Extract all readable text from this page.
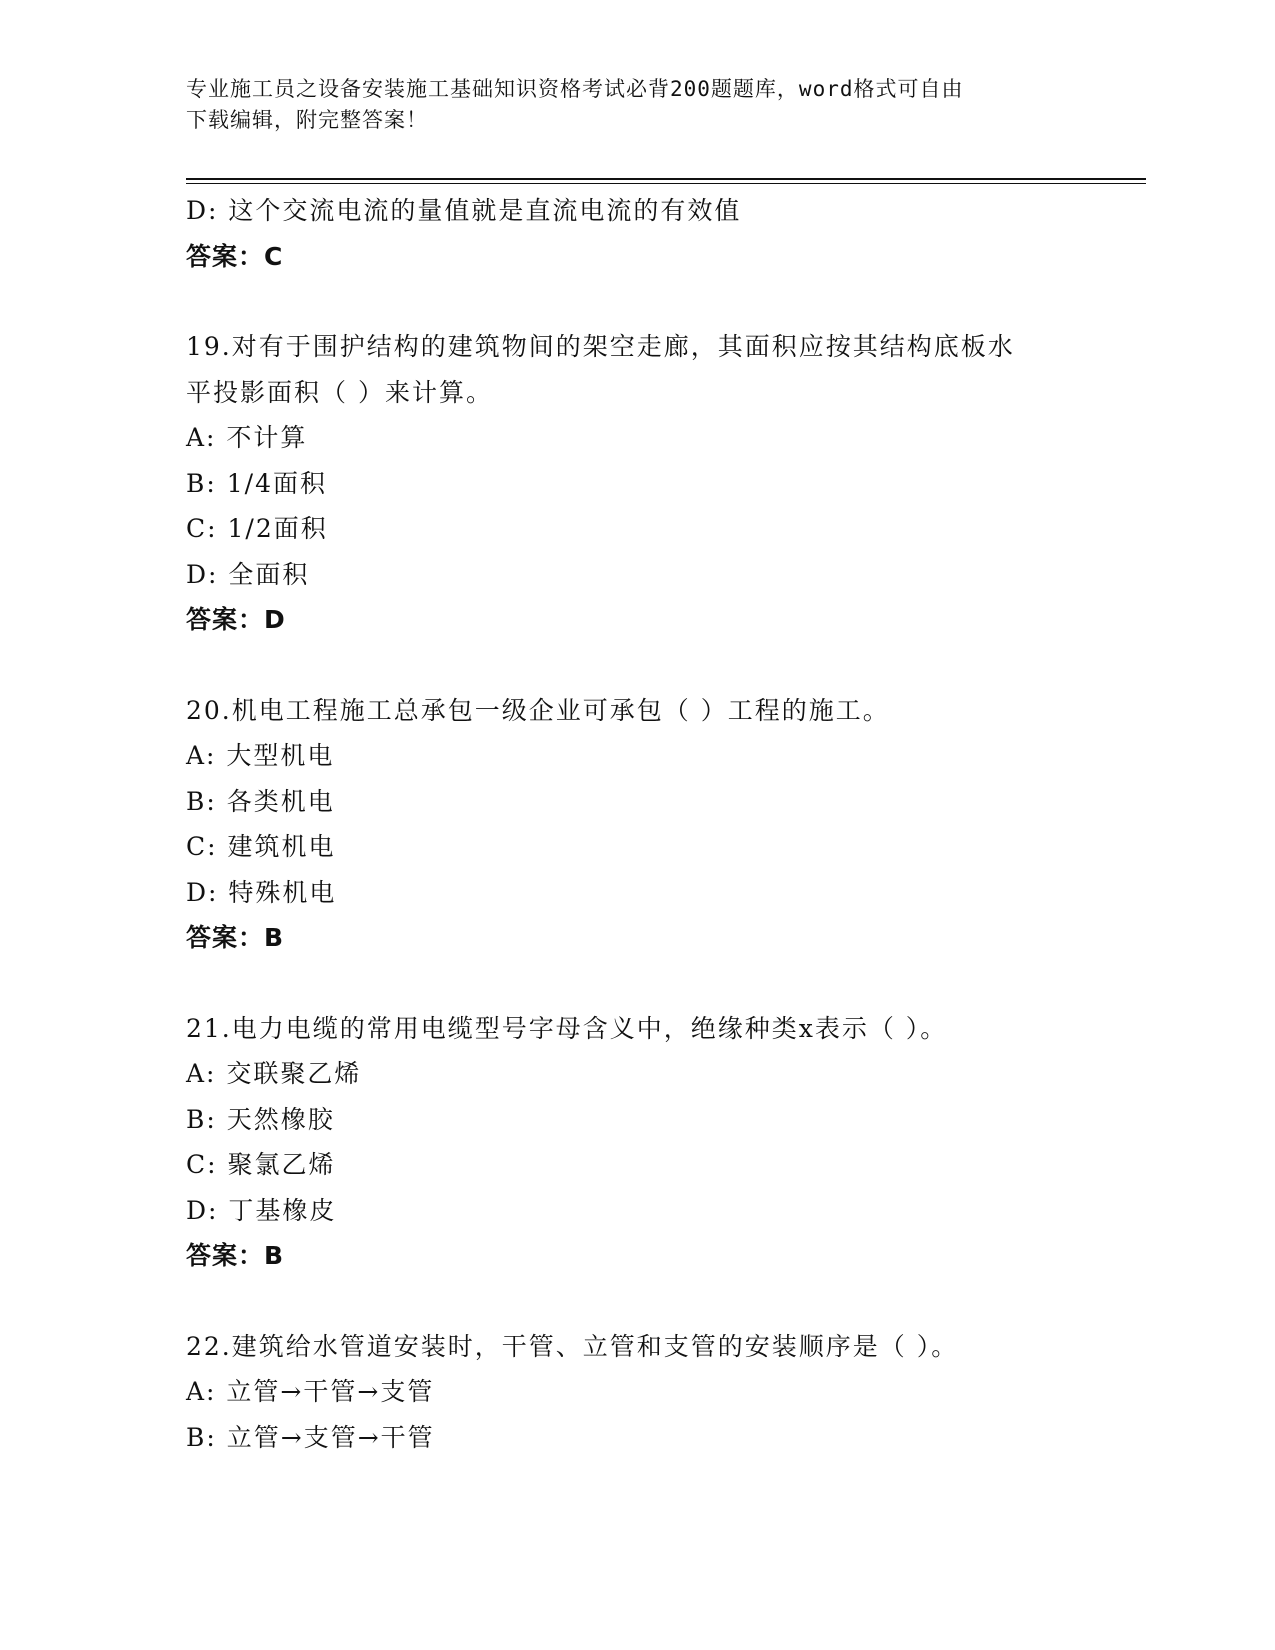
专业施工员之设备安装施工基础知识资格考试必背200题题库，word格式可自由
下载编辑，附完整答案！
D: 这个交流电流的量值就是直流电流的有效值
答案：C
19.对有于围护结构的建筑物间的架空走廊，其面积应按其结构底板水
平投影面积（ ）来计算。
A: 不计算
B: 1/4面积
C: 1/2面积
D: 全面积
答案：D
20.机电工程施工总承包一级企业可承包（ ）工程的施工。
A: 大型机电
B: 各类机电
C: 建筑机电
D: 特殊机电
答案：B
21.电力电缆的常用电缆型号字母含义中，绝缘种类x表示（ ）。
A: 交联聚乙烯
B: 天然橡胶
C: 聚氯乙烯
D: 丁基橡皮
答案：B
22.建筑给水管道安装时，干管、立管和支管的安装顺序是（ ）。
A: 立管→干管→支管
B: 立管→支管→干管
